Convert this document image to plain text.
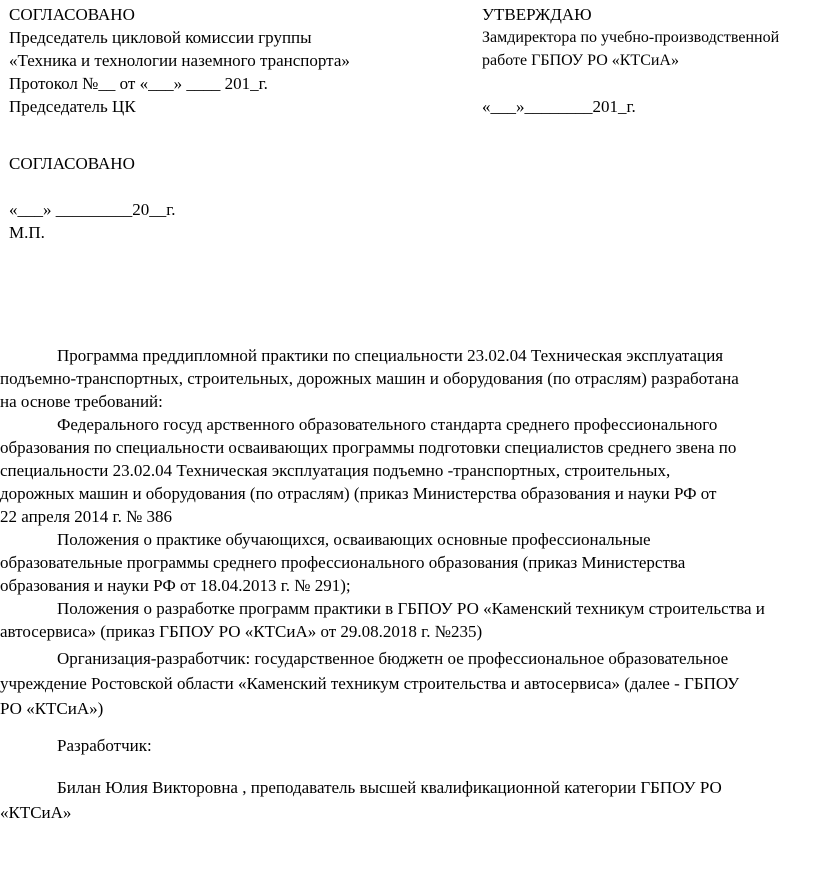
СОГЛАСОВАНО
Председатель цикловой комиссии группы
«Техника и технологии наземного транспорта»
Протокол №__ от «___» ____ 201_г.
Председатель ЦК
УТВЕРЖДАЮ
Замдиректора по учебно-производственной
работе ГБПОУ РО «КТСиА»
«___»________201_г.
СОГЛАСОВАНО
«___» _________20__г.
М.П.
Программа преддипломной практики по специальности 23.02.04 Техническая эксплуатация
подъемно-транспортных, строительных, дорожных машин и оборудования (по отраслям) разработана
на основе требований:
Федерального госуд арственного образовательного стандарта среднего профессионального
образования по специальности осваивающих программы подготовки специалистов среднего звена по
специальности 23.02.04 Техническая эксплуатация подъемно -транспортных, строительных,
дорожных машин и оборудования (по отраслям) (приказ Министерства образования и науки РФ от
22 апреля 2014 г. № 386
Положения о практике обучающихся, осваивающих основные профессиональные
образовательные программы среднего профессионального образования (приказ Министерства
образования и науки РФ от 18.04.2013 г. № 291);
Положения о разработке программ практики в ГБПОУ РО «Каменский техникум строительства и
автосервиса» (приказ ГБПОУ РО «КТСиА» от 29.08.2018 г. №235)
Организация-разработчик: государственное бюджетн ое профессиональное образовательное
учреждение Ростовской области «Каменский техникум строительства и автосервиса» (далее - ГБПОУ
РО «КТСиА»)
Разработчик:
Билан Юлия Викторовна , преподаватель высшей квалификационной категории ГБПОУ РО
«КТСиА»
